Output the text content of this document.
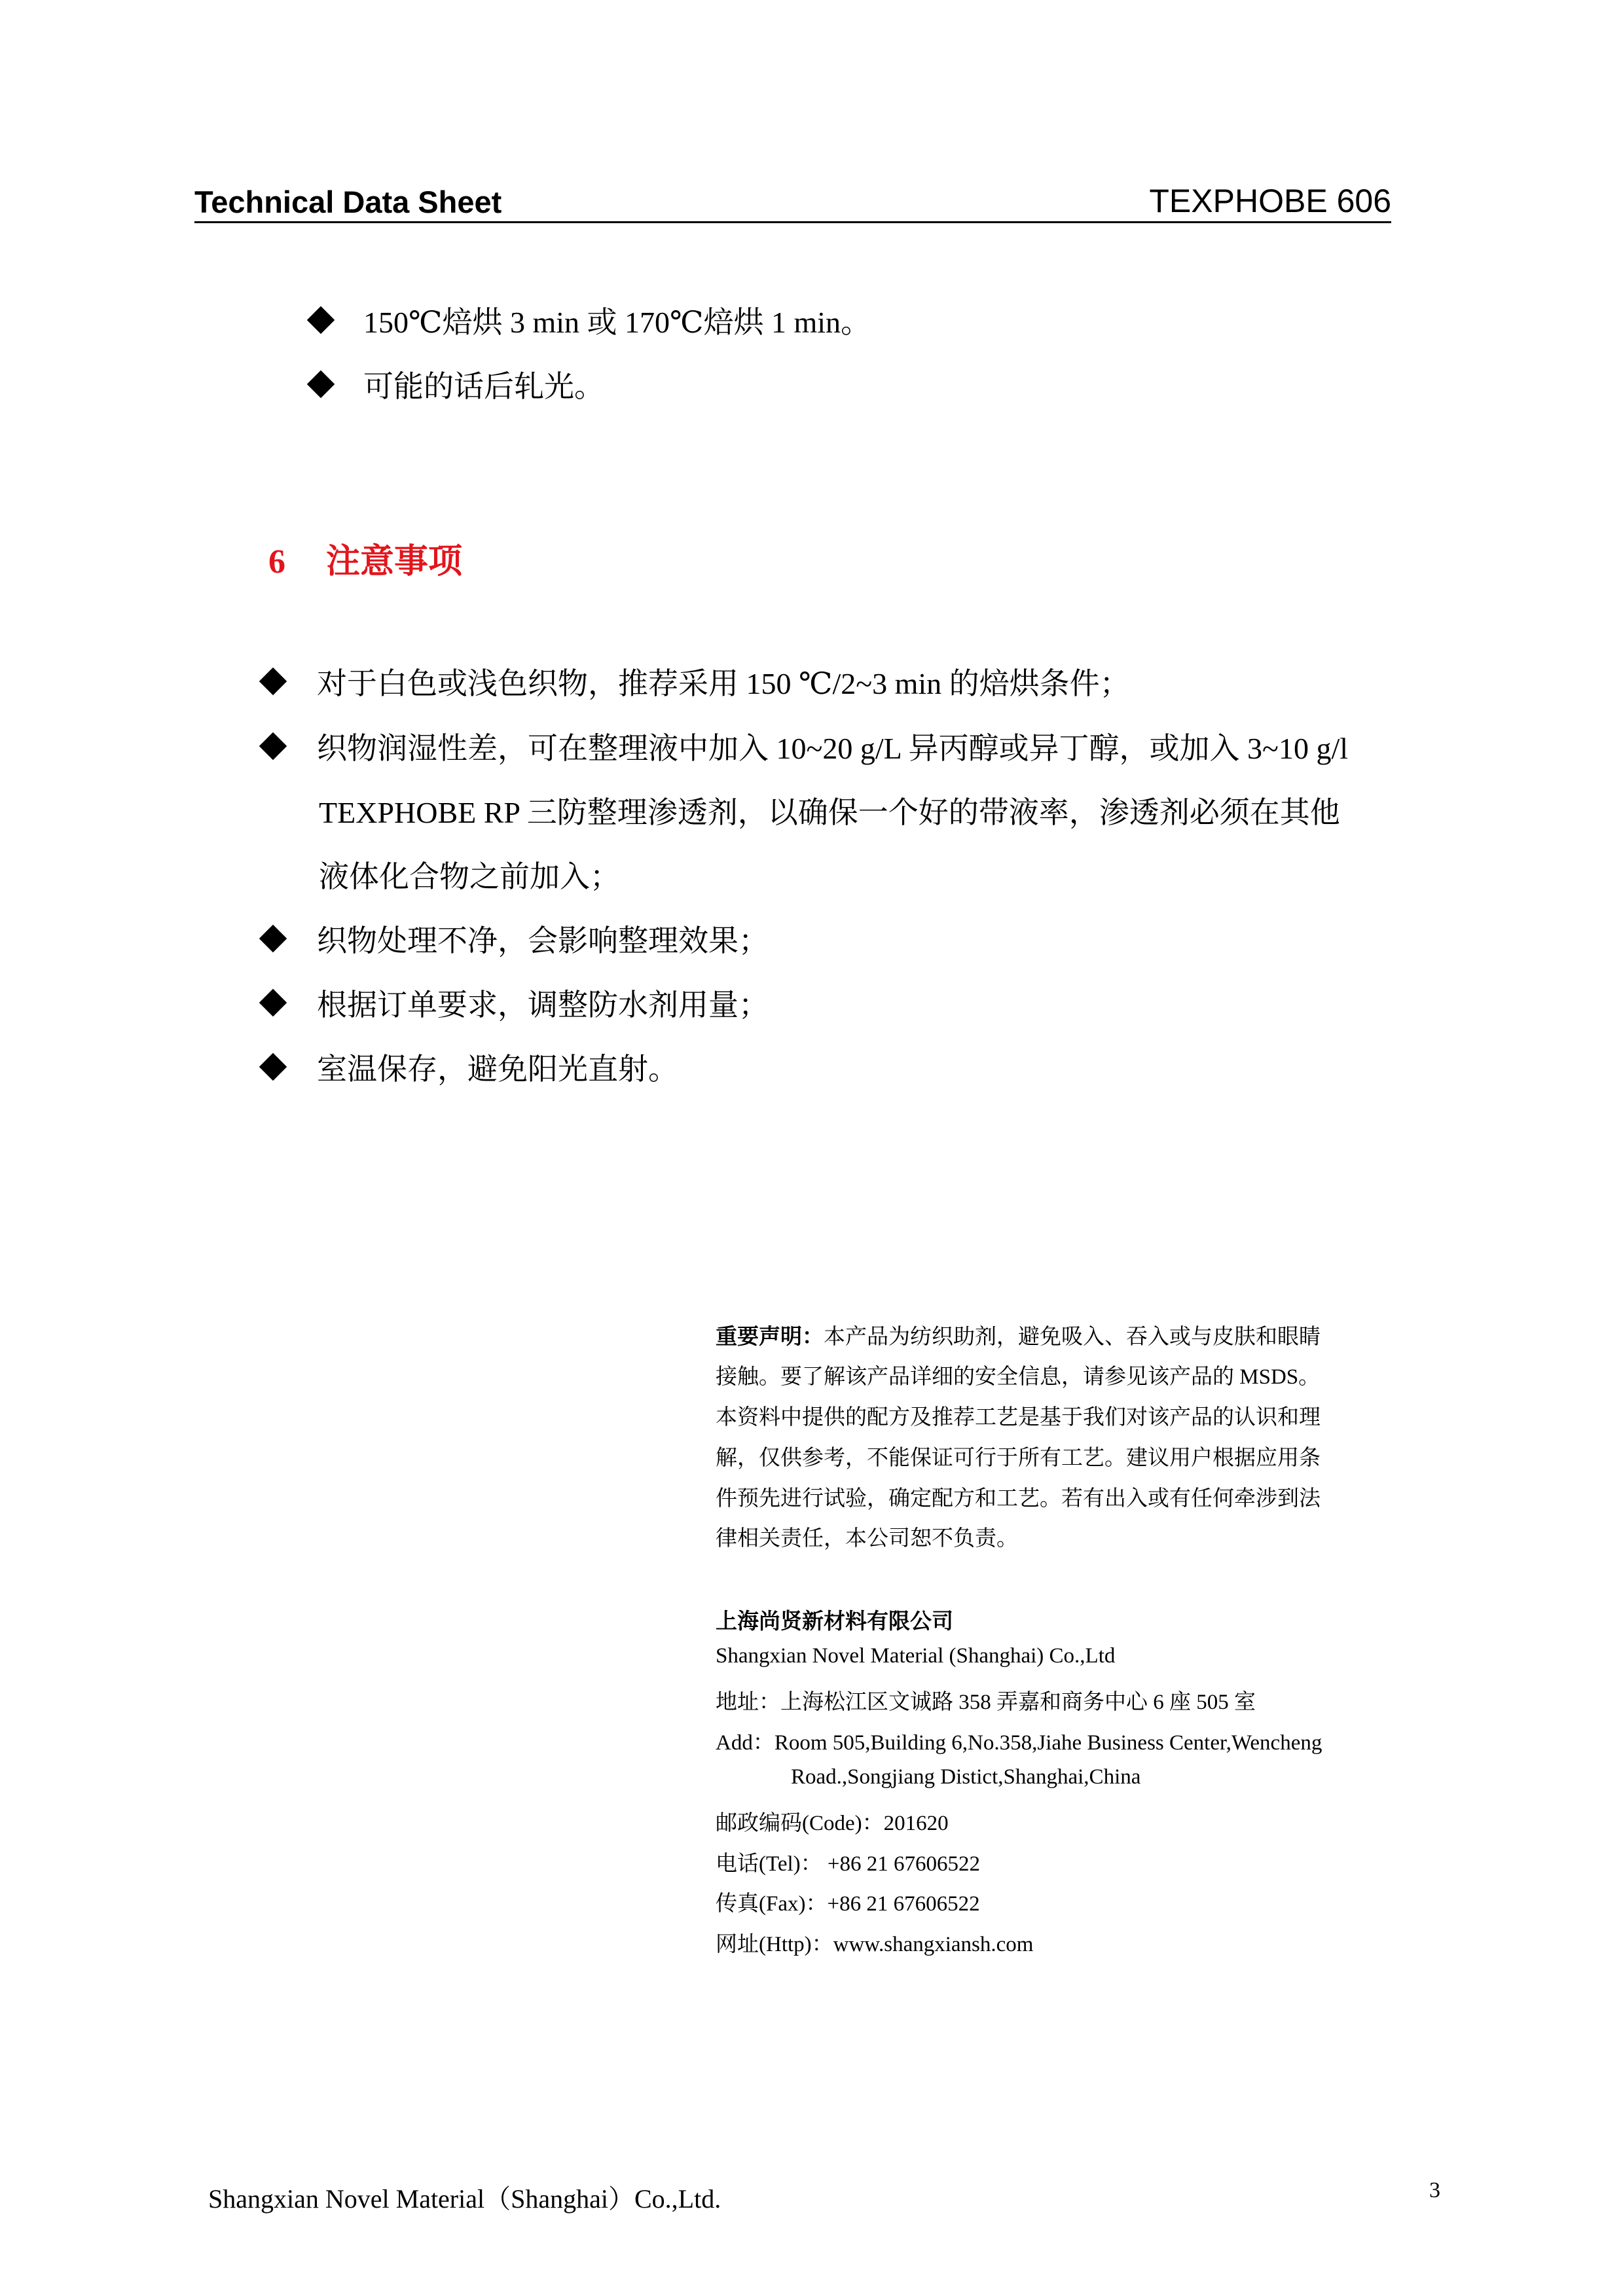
Technical Data Sheet	TEXPHOBE 606
150℃焙烘 3 min 或 170℃焙烘 1 min。
可能的话后轧光。
6 注意事项
对于白色或浅色织物，推荐采用 150 ℃/2~3 min 的焙烘条件；
织物润湿性差，可在整理液中加入 10~20 g/L 异丙醇或异丁醇，或加入 3~10 g/l
TEXPHOBE RP 三防整理渗透剂，以确保一个好的带液率，渗透剂必须在其他
液体化合物之前加入；
织物处理不净，会影响整理效果；
根据订单要求，调整防水剂用量；
室温保存，避免阳光直射。
重要声明：本产品为纺织助剂，避免吸入、吞入或与皮肤和眼睛
接触。要了解该产品详细的安全信息，请参见该产品的 MSDS。
本资料中提供的配方及推荐工艺是基于我们对该产品的认识和理
解，仅供参考，不能保证可行于所有工艺。建议用户根据应用条
件预先进行试验，确定配方和工艺。若有出入或有任何牵涉到法
律相关责任，本公司恕不负责。
上海尚贤新材料有限公司
Shangxian Novel Material (Shanghai) Co.,Ltd
地址：上海松江区文诚路 358 弄嘉和商务中心 6 座 505 室
Add：Room 505,Building 6,No.358,Jiahe Business Center,Wencheng
Road.,Songjiang Distict,Shanghai,China
邮政编码(Code)：201620
电话(Tel)： +86 21 67606522
传真(Fax)：+86 21 67606522
网址(Http)：www.shangxiansh.com
Shangxian Novel Material（Shanghai）Co.,Ltd.	3
